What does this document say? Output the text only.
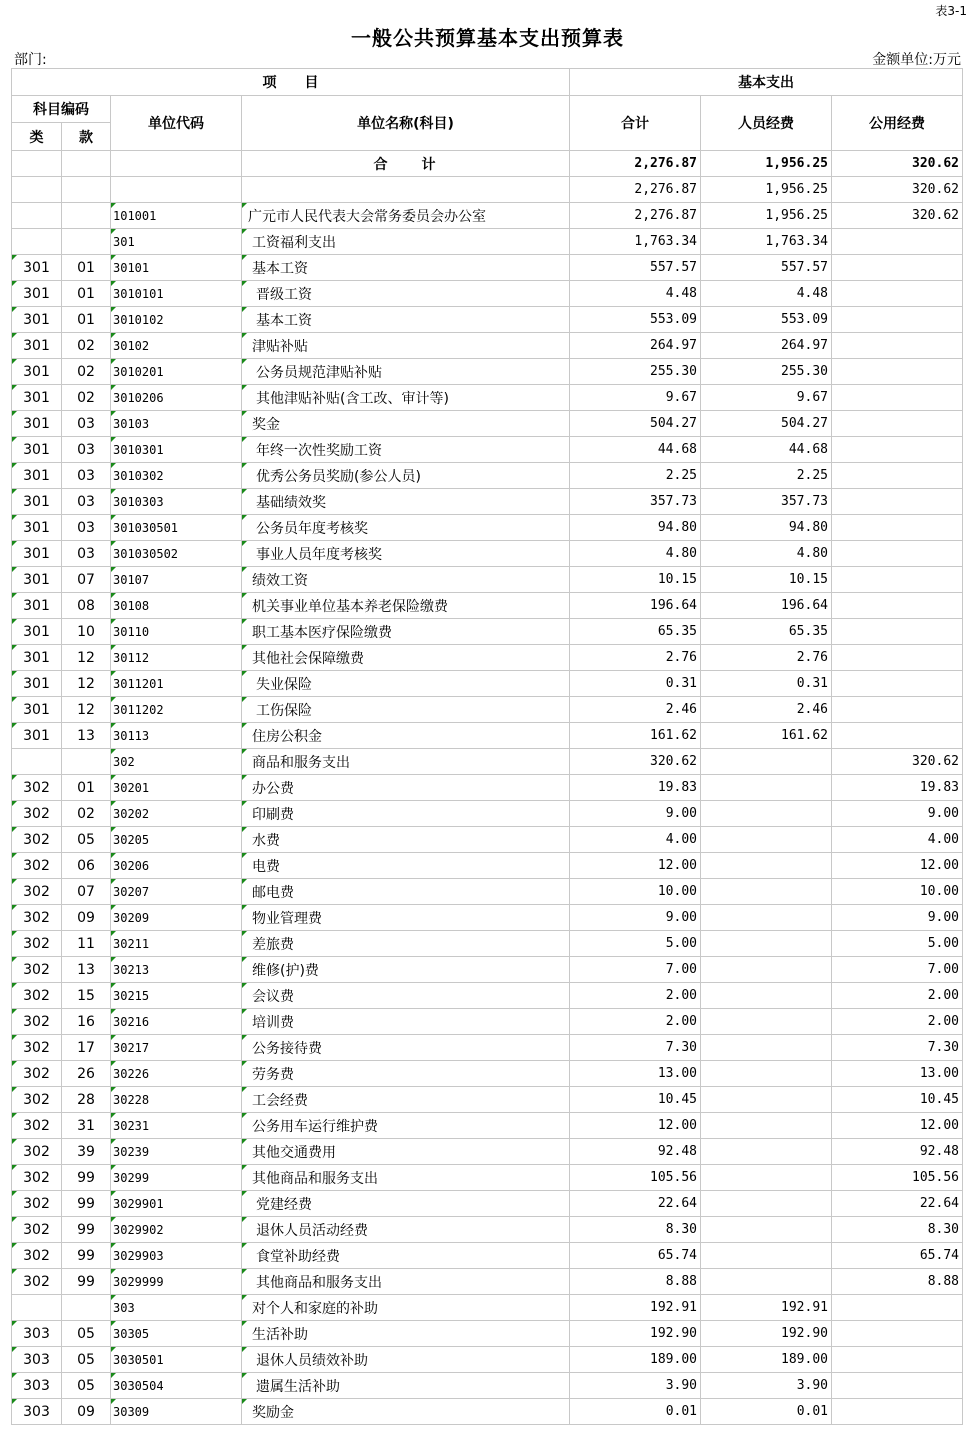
表3-1
一般公共预算基本支出预算表
部门:	金额单位:万元
项　　目				基本支出		
科目编码		单位代码	单位名称(科目)	合计	人员经费	公用经费
类	款					
			合　　计	2,276.87	1,956.25	320.62
				2,276.87	1,956.25	320.62
		101001	广元市人民代表大会常务委员会办公室	2,276.87	1,956.25	320.62
		301	工资福利支出	1,763.34	1,763.34	
301	01	30101	基本工资	557.57	557.57	
301	01	3010101	晋级工资	4.48	4.48	
301	01	3010102	基本工资	553.09	553.09	
301	02	30102	津贴补贴	264.97	264.97	
301	02	3010201	公务员规范津贴补贴	255.30	255.30	
301	02	3010206	其他津贴补贴(含工改、审计等)	9.67	9.67	
301	03	30103	奖金	504.27	504.27	
301	03	3010301	年终一次性奖励工资	44.68	44.68	
301	03	3010302	优秀公务员奖励(参公人员)	2.25	2.25	
301	03	3010303	基础绩效奖	357.73	357.73	
301	03	301030501	公务员年度考核奖	94.80	94.80	
301	03	301030502	事业人员年度考核奖	4.80	4.80	
301	07	30107	绩效工资	10.15	10.15	
301	08	30108	机关事业单位基本养老保险缴费	196.64	196.64	
301	10	30110	职工基本医疗保险缴费	65.35	65.35	
301	12	30112	其他社会保障缴费	2.76	2.76	
301	12	3011201	失业保险	0.31	0.31	
301	12	3011202	工伤保险	2.46	2.46	
301	13	30113	住房公积金	161.62	161.62	
		302	商品和服务支出	320.62		320.62
302	01	30201	办公费	19.83		19.83
302	02	30202	印刷费	9.00		9.00
302	05	30205	水费	4.00		4.00
302	06	30206	电费	12.00		12.00
302	07	30207	邮电费	10.00		10.00
302	09	30209	物业管理费	9.00		9.00
302	11	30211	差旅费	5.00		5.00
302	13	30213	维修(护)费	7.00		7.00
302	15	30215	会议费	2.00		2.00
302	16	30216	培训费	2.00		2.00
302	17	30217	公务接待费	7.30		7.30
302	26	30226	劳务费	13.00		13.00
302	28	30228	工会经费	10.45		10.45
302	31	30231	公务用车运行维护费	12.00		12.00
302	39	30239	其他交通费用	92.48		92.48
302	99	30299	其他商品和服务支出	105.56		105.56
302	99	3029901	党建经费	22.64		22.64
302	99	3029902	退休人员活动经费	8.30		8.30
302	99	3029903	食堂补助经费	65.74		65.74
302	99	3029999	其他商品和服务支出	8.88		8.88
		303	对个人和家庭的补助	192.91	192.91	
303	05	30305	生活补助	192.90	192.90	
303	05	3030501	退休人员绩效补助	189.00	189.00	
303	05	3030504	遗属生活补助	3.90	3.90	
303	09	30309	奖励金	0.01	0.01	
